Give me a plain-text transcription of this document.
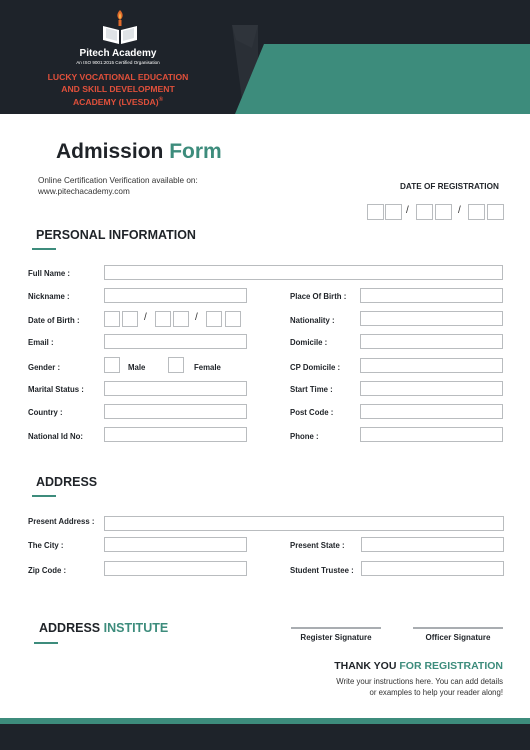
Pitech Academy
An ISO 9001:2015 Certified Organisation
LUCKY VOCATIONAL EDUCATION
AND SKILL DEVELOPMENT
ACADEMY (LVESDA)®
Admission Form
Online Certification Verification available on:
www.pitechacademy.com	DATE OF REGISTRATION
/	/
PERSONAL INFORMATION
Full Name :
Nickname :	Place Of Birth :
Date of Birth :	/	/	Nationality :
Email :	Domicile :
Gender :	Male	Female	CP Domicile :
Marital Status :	Start Time :
Country :	Post Code :
National Id No:	Phone :
ADDRESS
Present Address :
The City :	Present State :
Zip Code :	Student Trustee :
ADDRESS INSTITUTE
Register Signature	Officer Signature
THANK YOU FOR REGISTRATION
Write your instructions here. You can add details
or examples to help your reader along!
